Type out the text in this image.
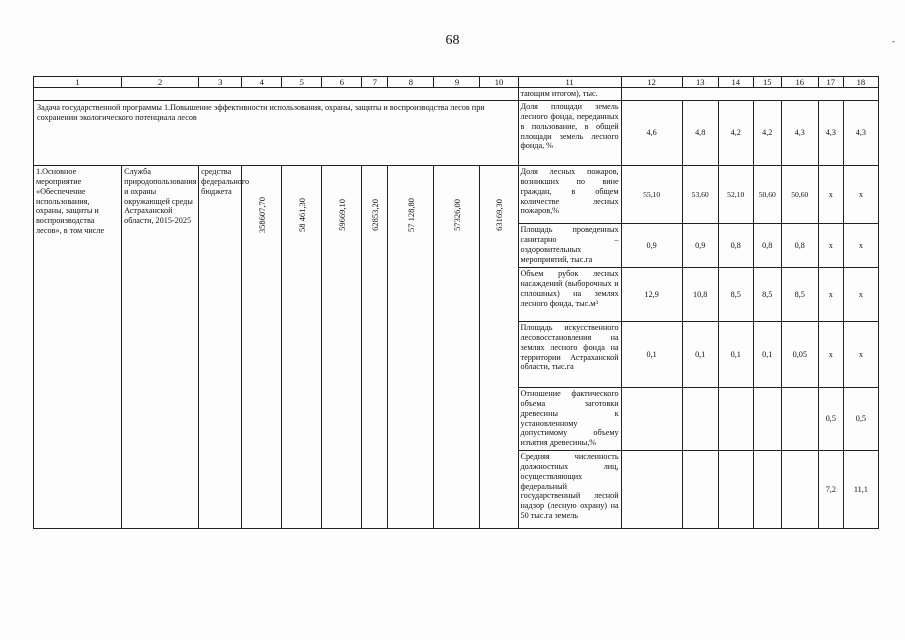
68	-
1	2	3	4	5	6	7	8	9	10	11	12	13	14	15	16	17	18
										тающим итогом), тыс.							
Задача государственной программы 1.Повышение эффективности использования, охраны, защиты и воспроизводства лесов при сохранении экологического потенциала лесов										Доля площади земель лесного фонда, переданных в пользование, в общей площади земель лесного фонда, %	4,6	4,8	4,2	4,2	4,3	4,3	4,3
1.Основное мероприятие «Обеспечение использования, охраны, защиты и воспроизводства лесов», в том числе	Служба природопользования и охраны окружающей среды Астраханской области, 2015-2025	средства федерального бюджета	358607,70	58 461,30	59669,10	62853,20	57 128,80	57326,00	63169,30	Доля лесных пожаров, возникших по вине граждан, в общем количестве лесных пожаров,%	55,10	53,60	52,10	50,60	50,60	x	x
										Площадь проведенных санитарно – оздоровительных мероприятий, тыс.га	0,9	0,9	0,8	0,8	0,8	x	x
										Объем рубок лесных насаждений (выборочных и сплошных) на землях лесного фонда, тыс.м³	12,9	10,8	8,5	8,5	8,5	x	x
										Площадь искусственного лесовосстановления на землях лесного фонда на территории Астраханской области, тыс.га	0,1	0,1	0,1	0,1	0,05	x	x
										Отношение фактического объема заготовки древесины к установленному допустимому объему изъятия древесины,%						0,5	0,5
										Средняя численность должностных лиц, осуществляющих федеральный государственный лесной надзор (лесную охрану) на 50 тыс.га земель						7,2	11,1
